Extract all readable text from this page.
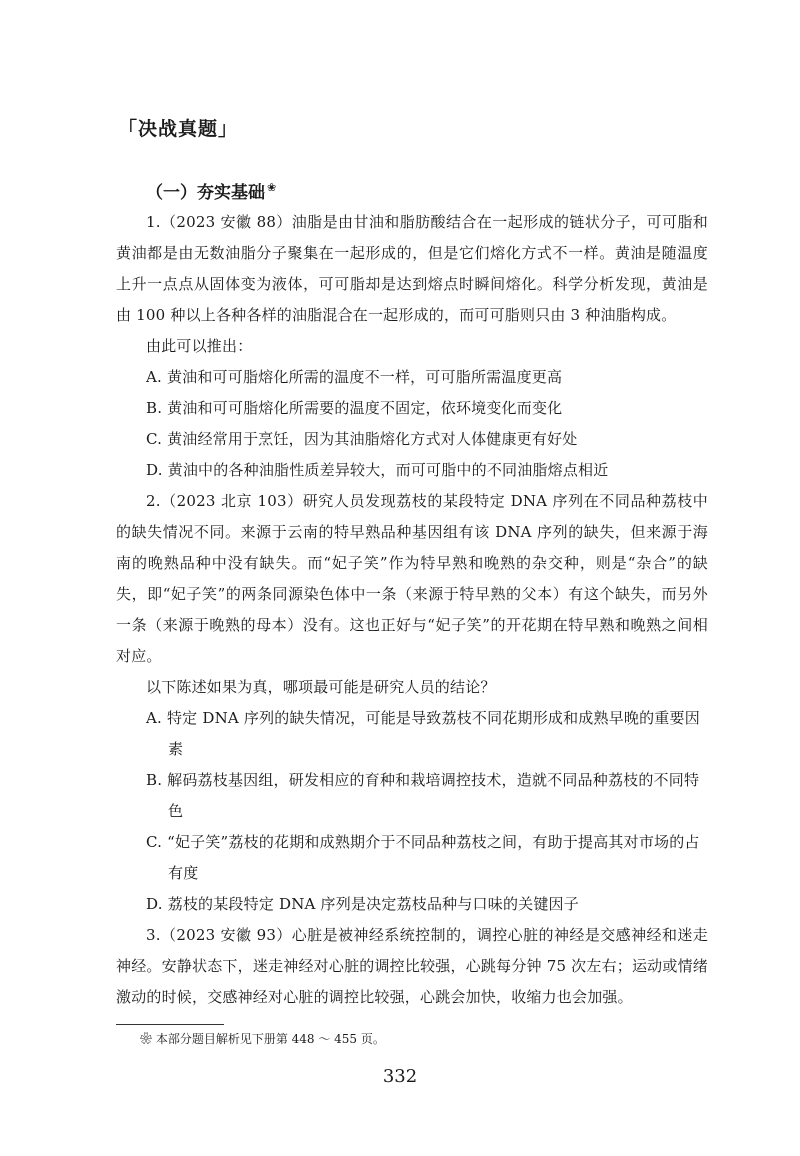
「决战真题」
（一）夯实基础 ❀

1.（2023 安徽 88）油脂是由甘油和脂肪酸结合在一起形成的链状分子，可可脂和黄油都是由无数油脂分子聚集在一起形成的，但是它们熔化方式不一样。黄油是随温度上升一点点从固体变为液体，可可脂却是达到熔点时瞬间熔化。科学分析发现，黄油是由 100 种以上各种各样的油脂混合在一起形成的，而可可脂则只由 3 种油脂构成。

由此可以推出：

A. 黄油和可可脂熔化所需的温度不一样，可可脂所需温度更高

B. 黄油和可可脂熔化所需要的温度不固定，依环境变化而变化

C. 黄油经常用于烹饪，因为其油脂熔化方式对人体健康更有好处

D. 黄油中的各种油脂性质差异较大，而可可脂中的不同油脂熔点相近

2.（2023 北京 103）研究人员发现荔枝的某段特定 DNA 序列在不同品种荔枝中的缺失情况不同。来源于云南的特早熟品种基因组有该 DNA 序列的缺失，但来源于海南的晚熟品种中没有缺失。而“妃子笑”作为特早熟和晚熟的杂交种，则是“杂合”的缺失，即“妃子笑”的两条同源染色体中一条（来源于特早熟的父本）有这个缺失，而另外一条（来源于晚熟的母本）没有。这也正好与“妃子笑”的开花期在特早熟和晚熟之间相对应。

以下陈述如果为真，哪项最可能是研究人员的结论？

A. 特定 DNA 序列的缺失情况，可能是导致荔枝不同花期形成和成熟早晚的重要因素

B. 解码荔枝基因组，研发相应的育种和栽培调控技术，造就不同品种荔枝的不同特色

C. “妃子笑”荔枝的花期和成熟期介于不同品种荔枝之间，有助于提高其对市场的占有度

D. 荔枝的某段特定 DNA 序列是决定荔枝品种与口味的关键因子

3.（2023 安徽 93）心脏是被神经系统控制的，调控心脏的神经是交感神经和迷走神经。安静状态下，迷走神经对心脏的调控比较强，心跳每分钟 75 次左右；运动或情绪激动的时候，交感神经对心脏的调控比较强，心跳会加快，收缩力也会加强。

❀ 本部分题目解析见下册第 448 ～ 455 页。
332
